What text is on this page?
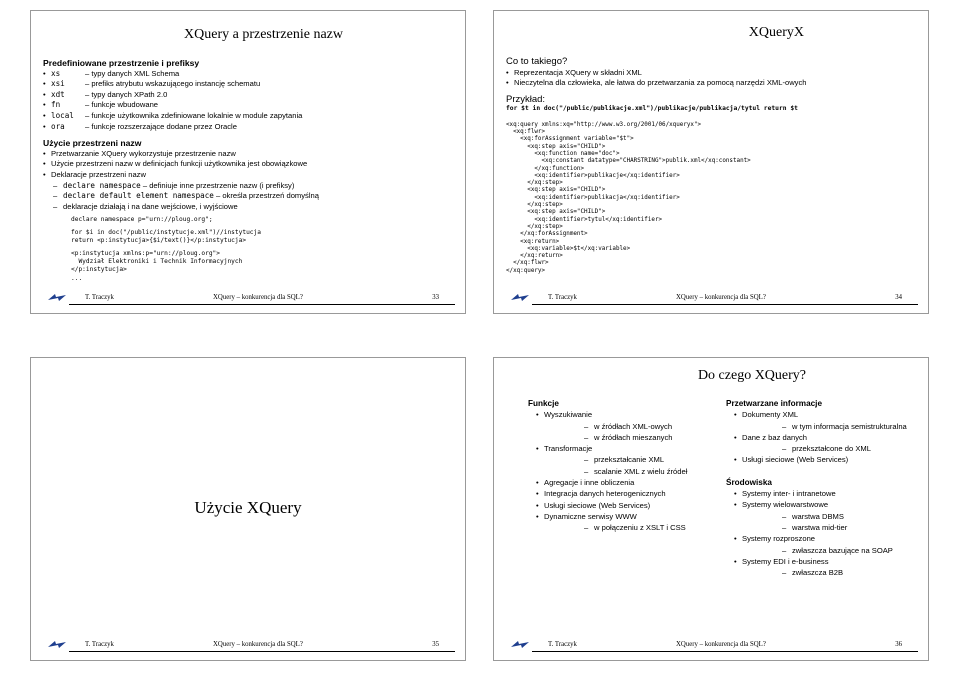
XQuery a przestrzenie nazw
Predefiniowane przestrzenie i prefiksy
• xs	– typy danych XML Schema
• xsi	– prefiks atrybutu wskazującego instancję schematu
• xdt	– typy danych XPath 2.0
• fn	– funkcje wbudowane
• local – funkcje użytkownika zdefiniowane lokalnie w module zapytania
• ora	– funkcje rozszerzające dodane przez Oracle
Użycie przestrzeni nazw
• Przetwarzanie XQuery wykorzystuje przestrzenie nazw
• Użycie przestrzeni nazw w definicjach funkcji użytkownika jest obowiązkowe
• Deklaracje przestrzeni nazw
– declare namespace – definiuje inne przestrzenie nazw (i prefiksy)
– declare default element namespace – określa przestrzeń domyślną
– deklaracje działają i na dane wejściowe, i wyjściowe
declare namespace p="urn://ploug.org";
for $i in doc("/public/instytucje.xml")//instytucja
return <p:instytucja>{$i/text()}</p:instytucja>
<p:instytucja xmlns:p="urn://ploug.org">
Wydział Elektroniki i Technik Informacyjnych
</p:instytucja>
...
T. Traczyk	XQuery – konkurencja dla SQL?	33
XQueryX
Co to takiego?
• Reprezentacja XQuery w składni XML
• Nieczytelna dla człowieka, ale łatwa do przetwarzania za pomocą narzędzi XML-owych
Przykład:
for $t in doc("/public/publikacje.xml")/publikacje/publikacja/tytul return $t
<xq:query xmlns:xq="http://www.w3.org/2001/06/xqueryx">
<xq:flwr>
<xq:forAssignment variable="$t">
<xq:step axis="CHILD">
<xq:function name="doc">
<xq:constant datatype="CHARSTRING">publik.xml</xq:constant>
</xq:function>
<xq:identifier>publikacje</xq:identifier>
</xq:step>
<xq:step axis="CHILD">
<xq:identifier>publikacja</xq:identifier>
</xq:step>
<xq:step axis="CHILD">
<xq:identifier>tytul</xq:identifier>
</xq:step>
</xq:forAssignment>
<xq:return>
<xq:variable>$t</xq:variable>
</xq:return>
</xq:flwr>
</xq:query>
T. Traczyk	XQuery – konkurencja dla SQL?	34
Użycie XQuery
T. Traczyk	XQuery – konkurencja dla SQL?	35
Do czego XQuery?
Funkcje
• Wyszukiwanie
– w źródłach XML-owych
– w źródłach mieszanych
• Transformacje
– przekształcanie XML
– scalanie XML z wielu źródeł
• Agregacje i inne obliczenia
• Integracja danych heterogenicznych
• Usługi sieciowe (Web Services)
• Dynamiczne serwisy WWW
– w połączeniu z XSLT i CSS
Przetwarzane informacje
• Dokumenty XML
– w tym informacja semistrukturalna
• Dane z baz danych
– przekształcone do XML
• Usługi sieciowe (Web Services)
Środowiska
• Systemy inter- i intranetowe
• Systemy wielowarstwowe
– warstwa DBMS
– warstwa mid-tier
• Systemy rozproszone
– zwłaszcza bazujące na SOAP
• Systemy EDI i e-business
– zwłaszcza B2B
T. Traczyk	XQuery – konkurencja dla SQL?	36
